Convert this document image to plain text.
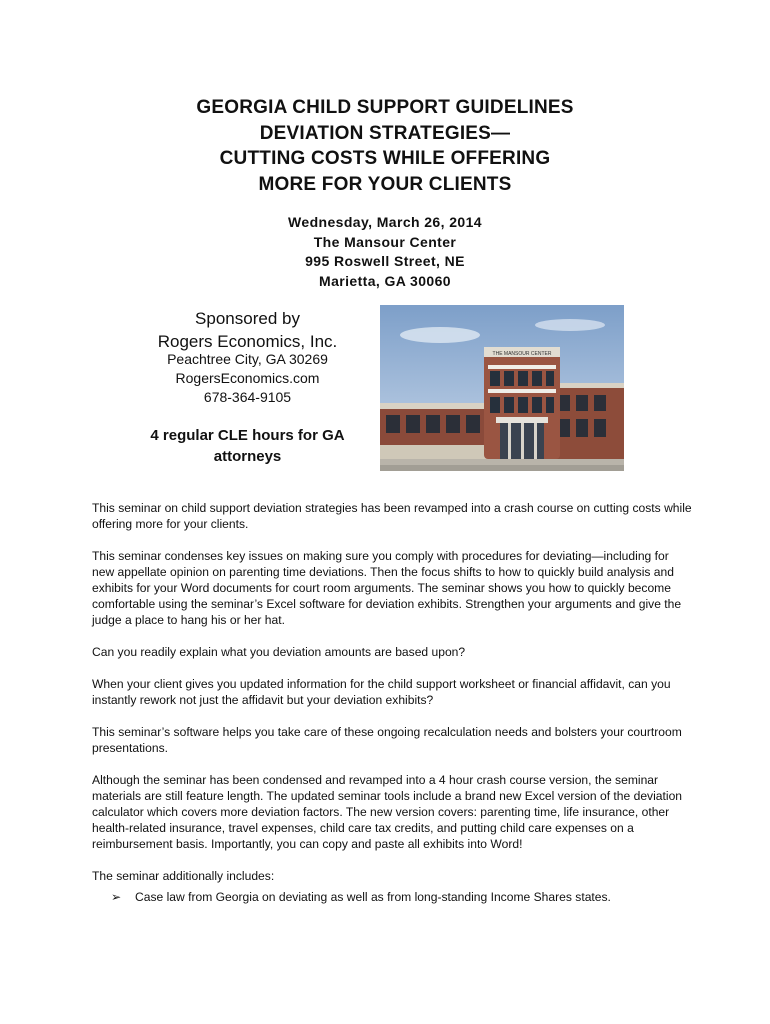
GEORGIA CHILD SUPPORT GUIDELINES
DEVIATION STRATEGIES—
CUTTING COSTS WHILE OFFERING
MORE FOR YOUR CLIENTS
Wednesday, March 26, 2014
The Mansour Center
995 Roswell Street, NE
Marietta, GA 30060
Sponsored by
Rogers Economics, Inc.
Peachtree City, GA 30269
RogersEconomics.com
678-364-9105
4 regular CLE hours for GA
attorneys
THE MANSOUR CENTER

This seminar on child support deviation strategies has been revamped into a crash course on cutting costs while offering more for your clients.

This seminar condenses key issues on making sure you comply with procedures for deviating—including for new appellate opinion on parenting time deviations. Then the focus shifts to how to quickly build analysis and exhibits for your Word documents for court room arguments. The seminar shows you how to quickly become comfortable using the seminar’s Excel software for deviation exhibits. Strengthen your arguments and give the judge a place to hang his or her hat.

Can you readily explain what you deviation amounts are based upon?

When your client gives you updated information for the child support worksheet or financial affidavit, can you instantly rework not just the affidavit but your deviation exhibits?

This seminar’s software helps you take care of these ongoing recalculation needs and bolsters your courtroom presentations.

Although the seminar has been condensed and revamped into a 4 hour crash course version, the seminar materials are still feature length. The updated seminar tools include a brand new Excel version of the deviation calculator which covers more deviation factors. The new version covers: parenting time, life insurance, other health-related insurance, travel expenses, child care tax credits, and putting child care expenses on a reimbursement basis. Importantly, you can copy and paste all exhibits into Word!

The seminar additionally includes:

➢ Case law from Georgia on deviating as well as from long-standing Income Shares states.
